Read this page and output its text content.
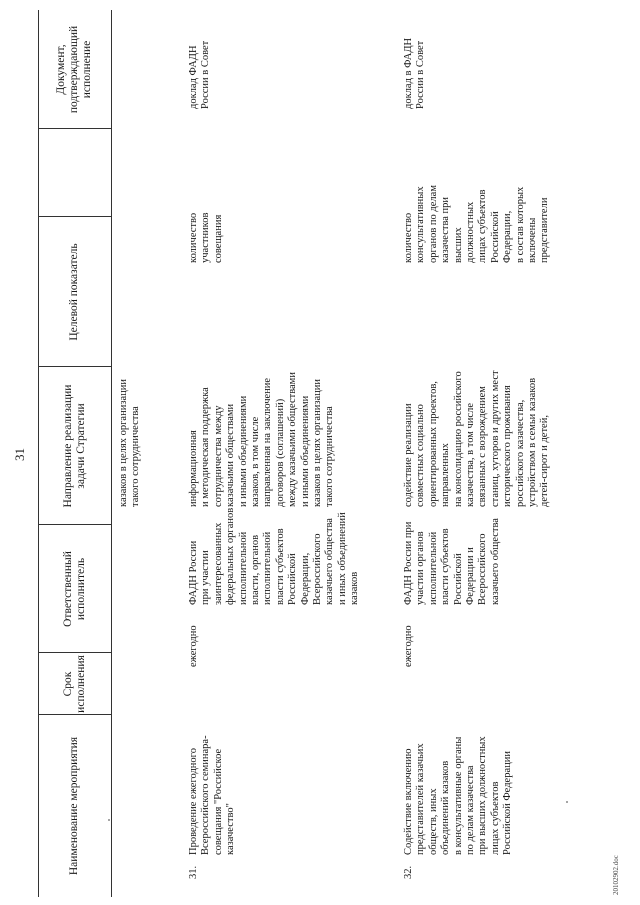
31
Наименование мероприятия
Срок
исполнения
Ответственный
исполнитель
Направление реализации
задачи Стратегии
Целевой показатель
Документ,
подтверждающий
исполнение
казаков в целях организации
такого сотрудничества
31.
Проведение ежегодного
Всероссийского семинара-
совещания "Российское
казачество"
ежегодно
ФАДН России
при участии
заинтересованных
федеральных органов
исполнительной
власти, органов
исполнительной
власти субъектов
Российской
Федерации,
Всероссийского
казачьего общества
и иных объединений
казаков
информационная
и методическая поддержка
сотрудничества между
казачьими обществами
и иными объединениями
казаков, в том числе
направленная на заключение
договоров (соглашений)
между казачьими обществами
и иными объединениями
казаков в целях организации
такого сотрудничества
количество
участников
совещания
доклад ФАДН
России в Совет
32.
Содействие включению
представителей казачьих
обществ, иных
объединений казаков
в консультативные органы
по делам казачества
при высших должностных
лицах субъектов
Российской Федерации
ежегодно
ФАДН России при
участии органов
исполнительной
власти субъектов
Российской
Федерации и
Всероссийского
казачьего общества
содействие реализации
совместных социально
ориентированных проектов,
направленных
на консолидацию российского
казачества, в том числе
связанных с возрождением
станиц, хуторов и других мест
исторического проживания
российского казачества,
устройством в семьи казаков
детей-сирот и детей,
количество
консультативных
органов по делам
казачества при
высших
должностных
лицах субъектов
Российской
Федерации,
в состав которых
включены
представители
доклад в ФАДН
России в Совет
20102902.doc
